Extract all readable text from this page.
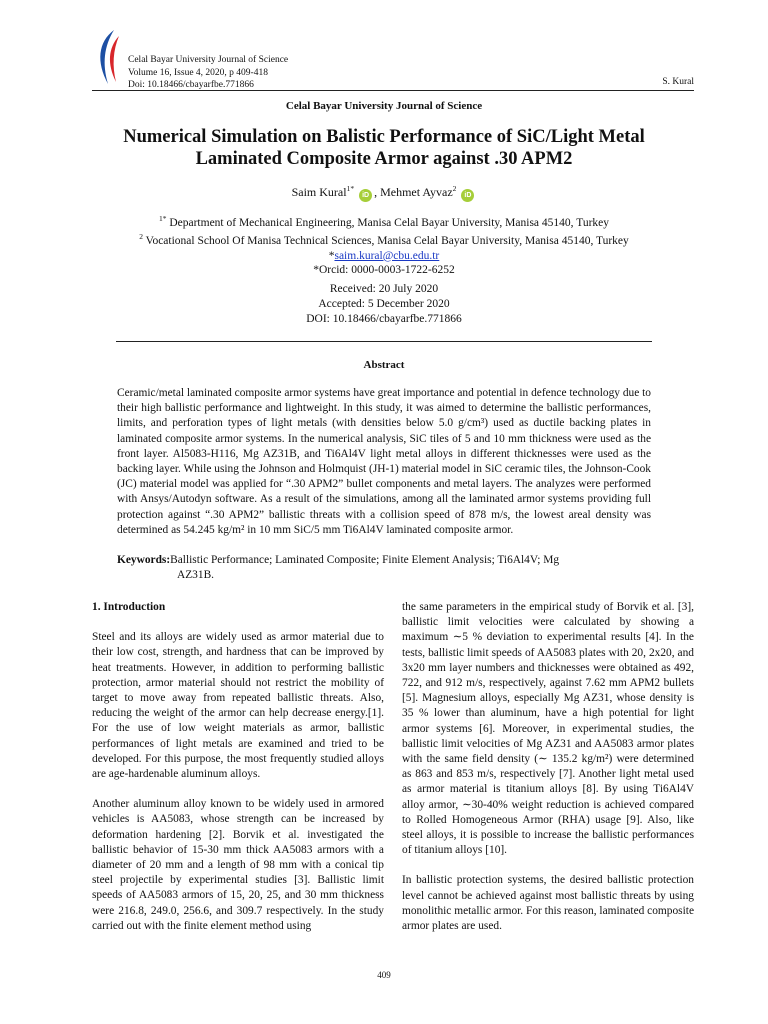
Celal Bayar University Journal of Science
Volume 16, Issue 4, 2020, p 409-418
Doi: 10.18466/cbayarfbe.771866	S. Kural
Celal Bayar University Journal of Science
Numerical Simulation on Balistic Performance of SiC/Light Metal
Laminated Composite Armor against .30 APM2
Saim Kural$^{1*}$ iD , Mehmet Ayvaz$^2$ iD
$^{1*}$ Department of Mechanical Engineering, Manisa Celal Bayar University, Manisa 45140, Turkey
$^2$ Vocational School Of Manisa Technical Sciences, Manisa Celal Bayar University, Manisa 45140, Turkey
*saim.kural@cbu.edu.tr
*Orcid: 0000-0003-1722-6252
Received: 20 July 2020
Accepted: 5 December 2020
DOI: 10.18466/cbayarfbe.771866
Abstract
Ceramic/metal laminated composite armor systems have great importance and potential in defence technology due to their high ballistic performance and lightweight. In this study, it was aimed to determine the ballistic performances, limits, and perforation types of light metals (with densities below 5.0 g/cm³) used as ductile backing plates in laminated composite armor systems. In the numerical analysis, SiC tiles of 5 and 10 mm thickness were used as the front layer. Al5083-H116, Mg AZ31B, and Ti6Al4V light metal alloys in different thicknesses were used as the backing layer. While using the Johnson and Holmquist (JH-1) material model in SiC ceramic tiles, the Johnson-Cook (JC) material model was applied for “.30 APM2” bullet components and metal layers. The analyzes were performed with Ansys/Autodyn software. As a result of the simulations, among all the laminated armor systems providing full protection against “.30 APM2” ballistic threats with a collision speed of 878 m/s, the lowest areal density was determined as 54.245 kg/m² in 10 mm SiC/5 mm Ti6Al4V laminated composite armor.
Keywords:Ballistic Performance; Laminated Composite; Finite Element Analysis; Ti6Al4V; Mg
AZ31B.
1. Introduction

Steel and its alloys are widely used as armor material due to their low cost, strength, and hardness that can be improved by heat treatments. However, in addition to performing ballistic protection, armor material should not restrict the mobility of target to move away from repeated ballistic threats. Also, reducing the weight of the armor can help decrease energy.[1]. For the use of low weight materials as armor, ballistic performances of light metals are examined and tried to be developed. For this purpose, the most frequently studied alloys are age-hardenable aluminum alloys.

Another aluminum alloy known to be widely used in armored vehicles is AA5083, whose strength can be increased by deformation hardening [2]. Borvik et al. investigated the ballistic behavior of 15-30 mm thick AA5083 armors with a diameter of 20 mm and a length of 98 mm with a conical tip steel projectile by experimental studies [3]. Ballistic limit speeds of AA5083 armors of 15, 20, 25, and 30 mm thickness were 216.8, 249.0, 256.6, and 309.7 respectively. In the study carried out with the finite element method using

the same parameters in the empirical study of Borvik et al. [3], ballistic limit velocities were calculated by showing a maximum ∼5 % deviation to experimental results [4]. In the tests, ballistic limit speeds of AA5083 plates with 20, 2x20, and 3x20 mm layer numbers and thicknesses were obtained as 492, 722, and 912 m/s, respectively, against 7.62 mm APM2 bullets [5]. Magnesium alloys, especially Mg AZ31, whose density is 35 % lower than aluminum, have a high potential for light armor systems [6]. Moreover, in experimental studies, the ballistic limit velocities of Mg AZ31 and AA5083 armor plates with the same field density (∼ 135.2 kg/m²) were determined as 863 and 853 m/s, respectively [7]. Another light metal used as armor material is titanium alloys [8]. By using Ti6Al4V alloy armor, ∼30-40% weight reduction is achieved compared to Rolled Homogeneous Armor (RHA) usage [9]. Also, like steel alloys, it is possible to increase the ballistic performances of titanium alloys [10].

In ballistic protection systems, the desired ballistic protection level cannot be achieved against most ballistic threats by using monolithic metallic armor. For this reason, laminated composite armor plates are used.

409
